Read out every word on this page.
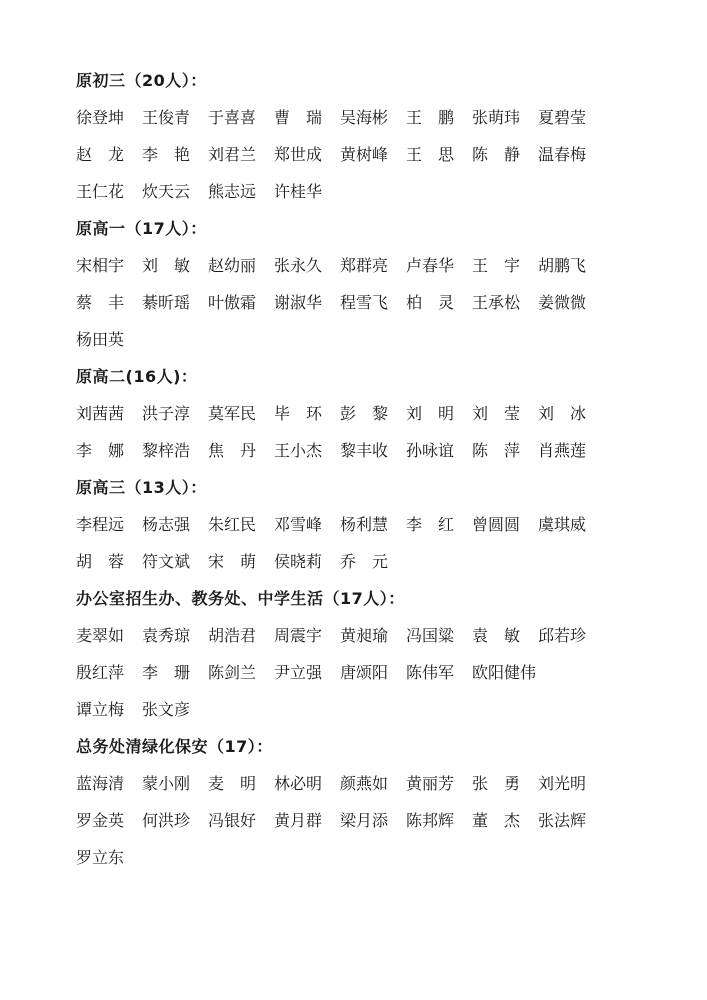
原初三（20人）：
徐登坤 王俊青 于喜喜 曹　瑞 吴海彬 王　鹏 张萌玮 夏碧莹
赵　龙 李　艳 刘君兰 郑世成 黄树峰 王　思 陈　静 温春梅
王仁花 炊天云 熊志远 许桂华
原高一（17人）：
宋相宇 刘　敏 赵幼丽 张永久 郑群亮 卢春华 王　宇 胡鹏飞
蔡　丰 綦昕瑶 叶傲霜 谢淑华 程雪飞 柏　灵 王承松 姜微微
杨田英
原高二(16人)：
刘茜茜 洪子淳 莫军民 毕　环 彭　黎 刘　明 刘　莹 刘　冰
李　娜 黎梓浩 焦　丹 王小杰 黎丰收 孙咏谊 陈　萍 肖燕莲
原高三（13人）：
李程远 杨志强 朱红民 邓雪峰 杨利慧 李　红 曾圆圆 虞琪威
胡　蓉 符文斌 宋　萌 侯晓莉 乔　元
办公室招生办、教务处、中学生活（17人）：
麦翠如 袁秀琼 胡浩君 周震宇 黄昶瑜 冯国粱 袁　敏 邱若珍
殷红萍 李　珊 陈剑兰 尹立强 唐颂阳 陈伟军 欧阳健伟
谭立梅 张文彦
总务处清绿化保安（17）：
蓝海清 蒙小刚 麦　明 林必明 颜燕如 黄丽芳 张　勇 刘光明
罗金英 何洪珍 冯银好 黄月群 梁月添 陈邦辉 董　杰 张法辉
罗立东
